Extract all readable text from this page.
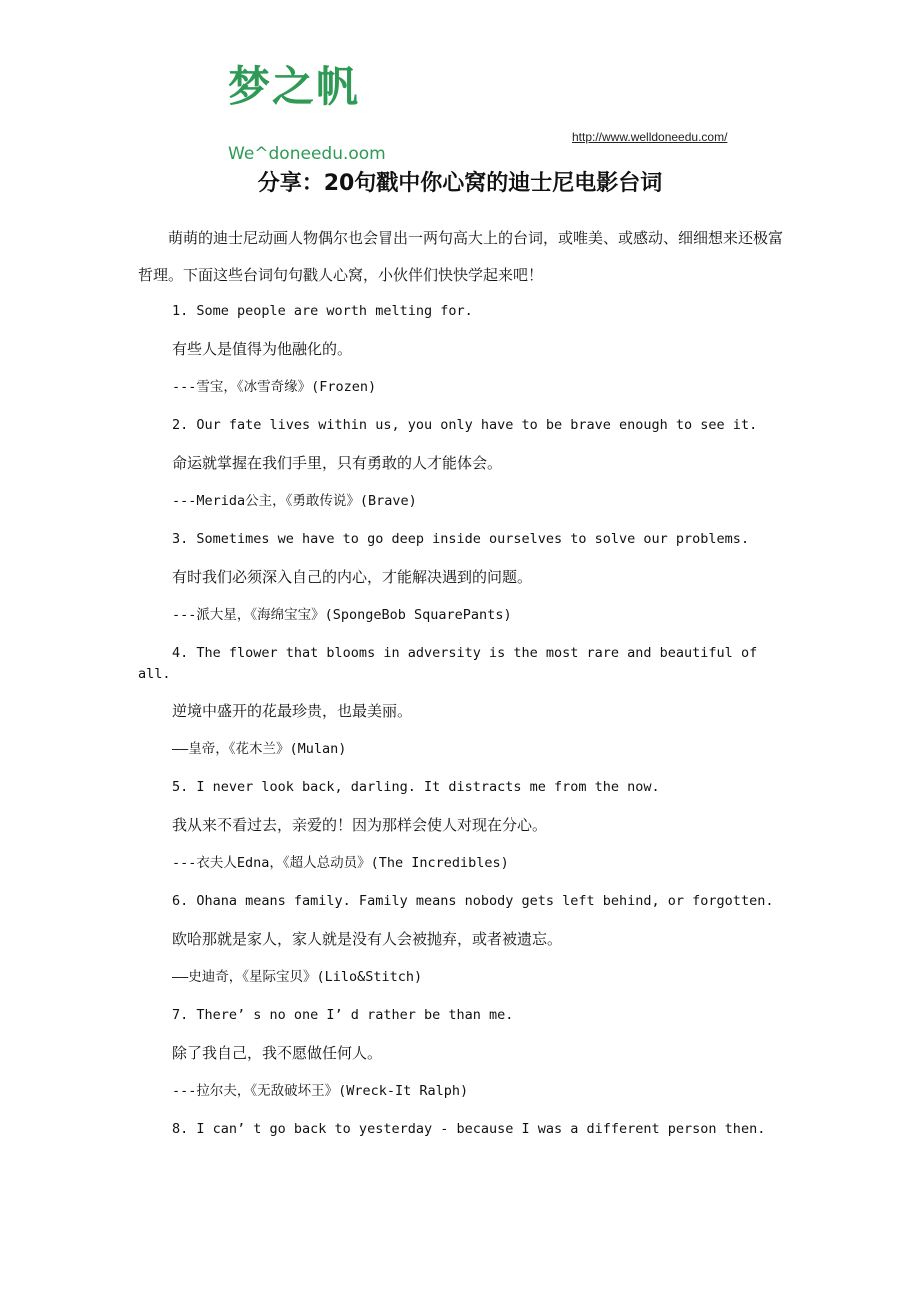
梦之帆
http://www.welldoneedu.com/
We^doneedu.oom
分享：20句戳中你心窝的迪士尼电影台词
萌萌的迪士尼动画人物偶尔也会冒出一两句高大上的台词，或唯美、或感动、细细想来还极富哲理。下面这些台词句句戳人心窝，小伙伴们快快学起来吧！
1. Some people are worth melting for.
有些人是值得为他融化的。
---雪宝，《冰雪奇缘》(Frozen)
2. Our fate lives within us, you only have to be brave enough to see it.
命运就掌握在我们手里，只有勇敢的人才能体会。
---Merida公主，《勇敢传说》(Brave)
3. Sometimes we have to go deep inside ourselves to solve our problems.
有时我们必须深入自己的内心，才能解决遇到的问题。
---派大星，《海绵宝宝》(SpongeBob SquarePants)
4. The flower that blooms in adversity is the most rare and beautiful of
all.
逆境中盛开的花最珍贵，也最美丽。
——皇帝，《花木兰》(Mulan)
5. I never look back, darling. It distracts me from the now.
我从来不看过去，亲爱的！因为那样会使人对现在分心。
---衣夫人Edna，《超人总动员》(The Incredibles)
6. Ohana means family. Family means nobody gets left behind, or forgotten.
欧哈那就是家人，家人就是没有人会被抛弃，或者被遗忘。
——史迪奇，《星际宝贝》(Lilo&Stitch)
7. There’ s no one I’ d rather be than me.
除了我自己，我不愿做任何人。
---拉尔夫，《无敌破坏王》(Wreck-It Ralph)
8. I can’ t go back to yesterday - because I was a different person then.
